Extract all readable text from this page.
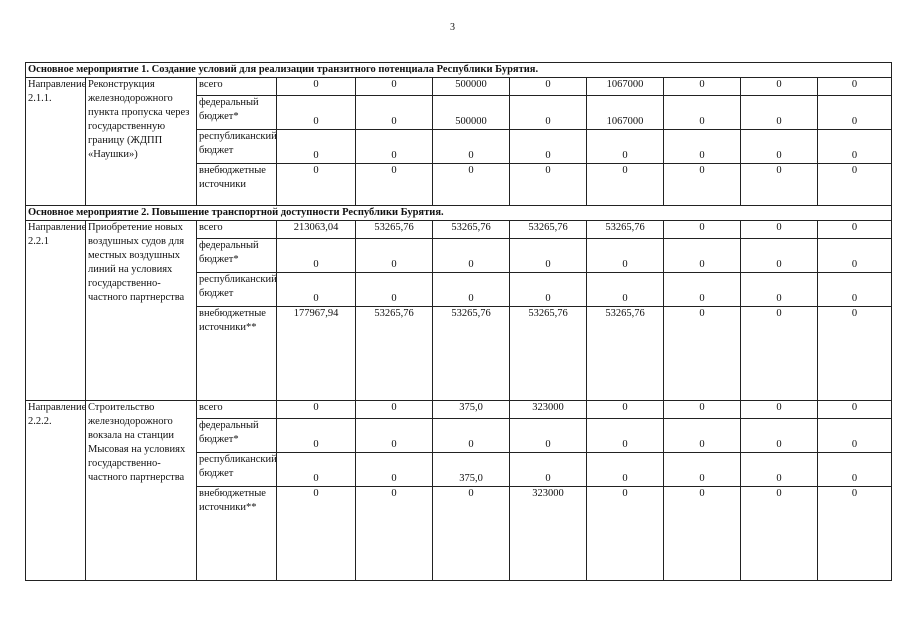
3
Основное мероприятие 1. Создание условий для реализации транзитного потенциала Республики Бурятия.										

Направление 2.1.1.	Реконструкция железнодорожного пункта пропуска через государственную границу (ЖДПП «Наушки»)	всего	0	0	500000	0	1067000	0	0	0
		федеральный бюджет*	0	0	500000	0	1067000	0	0	0
		республиканский бюджет	0	0	0	0	0	0	0	0
		внебюджетные источники	0	0	0	0	0	0	0	0
Основное мероприятие 2. Повышение транспортной доступности Республики Бурятия.										

Направление 2.2.1	Приобретение новых воздушных судов для местных воздушных линий на условиях государственно-частного партнерства	всего	213063,04	53265,76	53265,76	53265,76	53265,76	0	0	0
		федеральный бюджет*	0	0	0	0	0	0	0	0
		республиканский бюджет	0	0	0	0	0	0	0	0
		внебюджетные источники**	177967,94	53265,76	53265,76	53265,76	53265,76	0	0	0

Направление 2.2.2.	Строительство железнодорожного вокзала на станции Мысовая на условиях государственно-частного партнерства	всего	0	0	375,0	323000	0	0	0	0
		федеральный бюджет*	0	0	0	0	0	0	0	0
		республиканский бюджет	0	0	375,0	0	0	0	0	0
		внебюджетные источники**	0	0	0	323000	0	0	0	0
